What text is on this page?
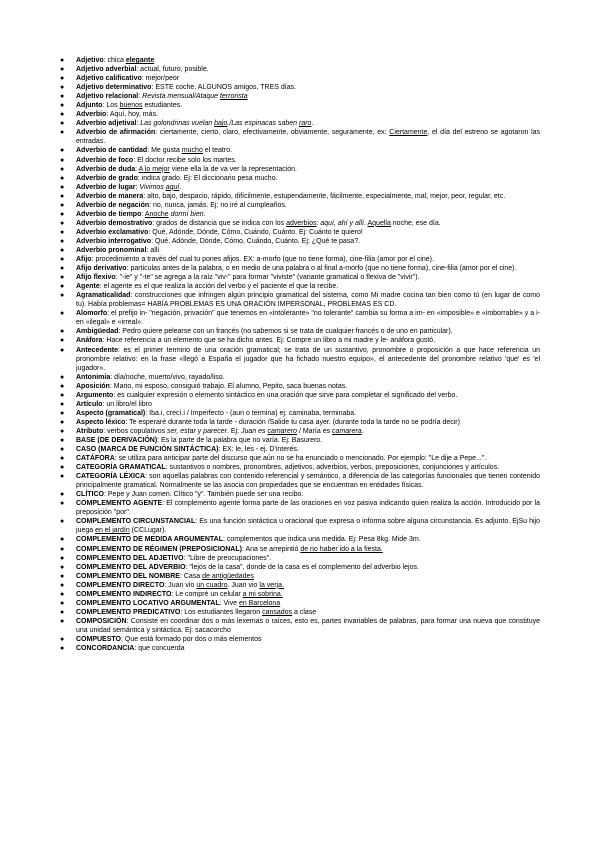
● Adjetivo: chica elegante
● Adjetivo adverbial: actual, futuro, posible.
● Adjetivo calificativo: mejor/peor
● Adjetivo determinativo: ESTE coche, ALGUNOS amigos, TRES días.
● Adjetivo relacional: Revista mensual/Ataque terrorista
● Adjunto: Los buenos estudiantes.
● Adverbio: Aquí, hoy, más.
● Adverbio adjetival: Las golondrinas vuelan bajo./Las espinacas saben raro.
● Adverbio de afirmación: ciertamente, cierto, claro, efectivamente, obviamente, seguramente, ex: Ciertamente, el día del estreno se agotaron las entradas.
● Adverbio de cantidad: Me gusta mucho el teatro.
● Adverbio de foco: El doctor recibe solo los martes.
● Adverbio de duda: A lo mejor viene ella la de va ver la representación.
● Adverbio de grado: indica grado. Ej: El diccionario pesa mucho.
● Adverbio de lugar: Vivimos aquí.
● Adverbio de manera: alto, bajo, despacio, rápido, difícilmente, estupendamente, fácilmente, especialmente, mal, mejor, peor, regular, etc.
● Adverbio de negación: no, nunca, jamás. Ej: no iré al cumpleaños.
● Adverbio de tiempo: Anoche dormí bien.
● Adverbio demostrativo: grados de distancia que se indica con los adverbios: aquí, ahí y allí. Aquella noche, ese día.
● Adverbio exclamativo: Qué, Adónde, Dónde, Cómo, Cuándo, Cuánto. Ej: Cuánto te quiero!
● Adverbio interrogativo: Qué, Adónde, Dónde, Cómo, Cuándo, Cuánto. Ej: ¿Qué te pasa?.
● Adverbio pronominal: allí
● Afijo: procedimiento a través del cual tu pones afijos. EX: a-morfo (que no tiene forma), cine-filia (amor por el cine).
● Afijo derivativo: particulas antes de la palabra, o en medio de una palabra o al final a-morfo (que no tiene forma), cine-filia (amor por el cine).
● Afijo flexivo: "-ie" y "-te" se agrega a la raíz "viv-" para formar "viviste" (variante gramatical o flexiva de "vivir").
● Agente: el agente es el que realiza la acción del verbo y el paciente el que la recibe.
● Agramaticalidad: construcciones que infringen algún principio gramatical del sistema, como Mi madre cocina tan bien como tú (en lugar de como tu). Había problemas= HABÍA PROBLEMAS ES UNA ORACIÓN IMPERSONAL, PROBLEMAS ES CD.
● Alomorfo: el prefijo in- "negación, privación" que tenemos en «intolerante» "no tolerante" cambia su forma a im- en «imposible» e «imborrable» y a i- en «ilegal» e «irreal».
● Ambigüedad: Pedro quiere pelearse con un francés (no sabemos si se trata de cualquier francés o de uno en particular).
● Anáfora: Hace referencia a un elemento que se ha dicho antes. Ej: Compre un libro a mi madre y le- anáfora gustó.
● Antecedente: es el primer termino de una oración gramatical; se trata de un sustantivo, pronombre o proposición a que hace referencia un pronombre relativo: en la frase «llegó a España el jugador que ha fichado nuestro equipo», el antecedente del pronombre relativo 'que' es 'el jugador».
● Antonimia: día/noche, muerto/vivo, rayado/liso.
● Aposición: Mario, mi esposo, consiguió trabajo. El alumno, Pepito, saca buenas notas.
● Argumento: es cualquier expresión o elemento sintáctico en una oración que sirve para completar el significado del verbo.
● Artículo: un libro/el libro
● Aspecto (gramatical): Iba.i, crecí.i / Imperfecto - (aun o termina) ej: caminaba, terminaba.
● Aspecto léxico: Te esperaré durante toda la tarde - duración /Salide tu casa ayer. (durante toda la tarde no se podría decir)
● Atributo: verbos copulativos ser, estar y parecer. Ej: Juan es camarero / María es camarera.
● BASE (DE DERIVACIÓN): Es la parte de la palabra que no varía. Ej: Basurero.
● CASO (MARCA DE FUNCIÓN SINTÁCTICA): EX: le, les - ej. D'interés.
● CATÁFORA: se utiliza para anticipar parte del discurso que aún no se ha enunciado o mencionado. Por ejemplo: "Le dije a Pepe...".
● CATEGORÍA GRAMATICAL: sustantivos o nombres, pronombres, adjetivos, adverbios, verbos, preposiciones, conjunciones y artículos.
● CATEGORÍA LÉXICA: son aquellas palabras con contenido referencial y semántico, a diferencia de las categorías funcionales que tienen contenido principalmente gramatical. Normalmente se las asocia con propiedades que se encuentran en entidades físicas.
● CLÍTICO: Pepe y Juan comen. Clítico "y". También puede ser una recibo.
● COMPLEMENTO AGENTE: El complemento agente forma parte de las oraciones en voz pasiva indicando quien realiza la acción. Introducido por la preposición "por".
● COMPLEMENTO CIRCUNSTANCIAL: Es una función sintáctica u oracional que expresa o informa sobre alguna circunstancia. Es adjunto. EjSu hijo juega en el jardín (CCLugar).
● COMPLEMENTO DE MEDIDA ARGUMENTAL: complementos que indica una medida. Ej: Pesa 8kg. Mide 3m.
● COMPLEMENTO DE RÉGIMEN (PREPOSICIONAL): Ana se arrepintió de no haber ido a la fiesta.
● COMPLEMENTO DEL ADJETIVO: "Libre de preocupaciones".
● COMPLEMENTO DEL ADVERBIO: "lejos de la casa", donde de la casa es el complemento del adverbio lejos.
● COMPLEMENTO DEL NOMBRE: Casa de antigüedades
● COMPLEMENTO DIRECTO: Juan vio un cuadro. Juan vio la verja.
● COMPLEMENTO INDIRECTO: Le compré un celular a mi sobrina.
● COMPLEMENTO LOCATIVO ARGUMENTAL: Vive en Barcelona
● COMPLEMENTO PREDICATIVO: Los estudiantes llegaron cansados a clase
● COMPOSICIÓN: Consiste en coordinar dos o más lexemas o raíces, esto es, partes invariables de palabras, para formar una nueva que constituye una unidad semántica y sintáctica. Ej: sacacorcho
● COMPUESTO: Que está formado por dos o más elementos
● CONCORDANCIA: que concuerda
